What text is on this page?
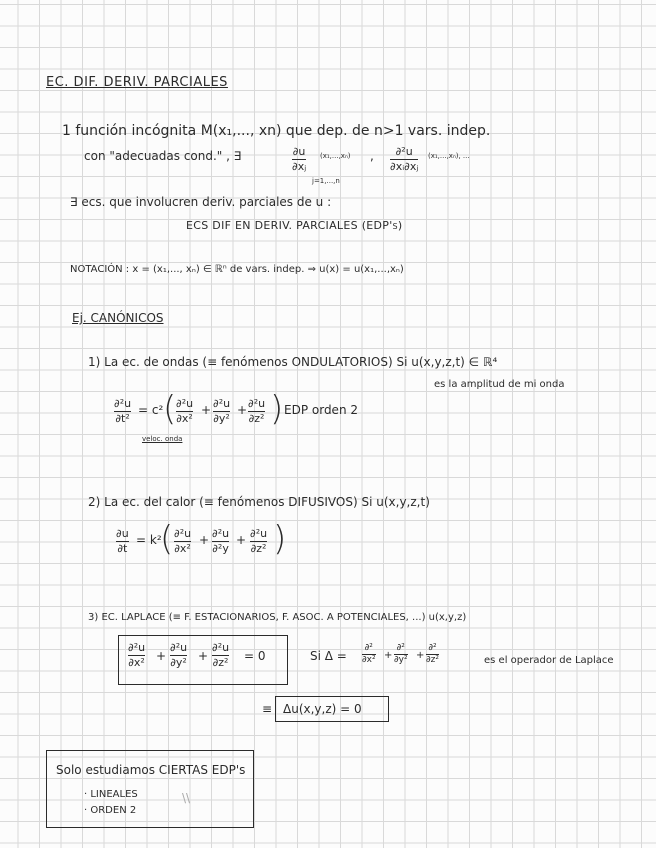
EC. DIF. DERIV. PARCIALES
1 función incógnita M(x₁,..., xn) que dep. de n>1 vars. indep.
con "adecuadas cond." , ∃	∂u
∂xⱼ
(x₁,...,xₙ)
j=1,...,n
, ∂²u
∂xᵢ∂xⱼ
(x₁,...,xₙ), ...
∃ ecs. que involucren deriv. parciales de u :
ECS DIF EN DERIV. PARCIALES (EDP's)
NOTACIÓN : x = (x₁,..., xₙ) ∈ ℝⁿ de vars. indep. ⇒ u(x) = u(x₁,...,xₙ)
Ej. CANÓNICOS
1) La ec. de ondas (≡ fenómenos ONDULATORIOS) Si u(x,y,z,t) ∈ ℝ⁴
es la amplitud de mi onda
∂²u
∂t²
= c² ( ∂²u
∂x²
+ ∂²u
∂y²
+ ∂²u
∂z² ) EDP orden 2
veloc. onda
2) La ec. del calor (≡ fenómenos DIFUSIVOS) Si u(x,y,z,t)
∂u
∂t
= k²
( ∂²u
∂x²
+ ∂²u
∂²y
+ ∂²u
∂z² )
3) EC. LAPLACE (≡ F. ESTACIONARIOS, F. ASOC. A POTENCIALES, ...) u(x,y,z)
∂²u
∂x² +
∂²u
∂y² +
∂²u
∂z² = 0	Si Δ =
∂²
∂x² +
∂²
∂y² +
∂²
∂z²	es el operador de Laplace
≡ Δu(x,y,z) = 0
Solo estudiamos CIERTAS EDP's
· LINEALES
· ORDEN 2
\\
